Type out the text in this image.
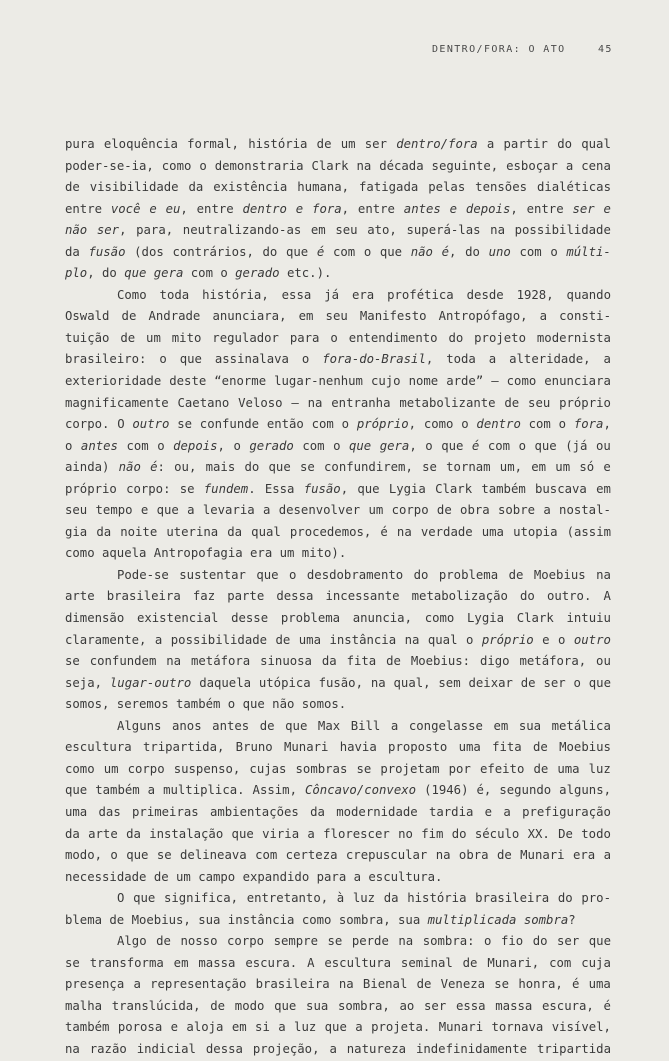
DENTRO/FORA: O ATO	45
pura eloquência formal, história de um ser dentro/fora a partir do qual
poder-se-ia, como o demonstraria Clark na década seguinte, esboçar a cena
de visibilidade da existência humana, fatigada pelas tensões dialéticas
entre você e eu, entre dentro e fora, entre antes e depois, entre ser e
não ser, para, neutralizando-as em seu ato, superá-las na possibilidade
da fusão (dos contrários, do que é com o que não é, do uno com o múlti-
plo, do que gera com o gerado etc.).
Como toda história, essa já era profética desde 1928, quando
Oswald de Andrade anunciara, em seu Manifesto Antropófago, a consti-
tuição de um mito regulador para o entendimento do projeto modernista
brasileiro: o que assinalava o fora-do-Brasil, toda a alteridade, a
exterioridade deste “enorme lugar-nenhum cujo nome arde” – como enunciara
magnificamente Caetano Veloso – na entranha metabolizante de seu próprio
corpo. O outro se confunde então com o próprio, como o dentro com o fora,
o antes com o depois, o gerado com o que gera, o que é com o que (já ou
ainda) não é: ou, mais do que se confundirem, se tornam um, em um só e
próprio corpo: se fundem. Essa fusão, que Lygia Clark também buscava em
seu tempo e que a levaria a desenvolver um corpo de obra sobre a nostal-
gia da noite uterina da qual procedemos, é na verdade uma utopia (assim
como aquela Antropofagia era um mito).
Pode-se sustentar que o desdobramento do problema de Moebius na
arte brasileira faz parte dessa incessante metabolização do outro. A
dimensão existencial desse problema anuncia, como Lygia Clark intuiu
claramente, a possibilidade de uma instância na qual o próprio e o outro
se confundem na metáfora sinuosa da fita de Moebius: digo metáfora, ou
seja, lugar-outro daquela utópica fusão, na qual, sem deixar de ser o que
somos, seremos também o que não somos.
Alguns anos antes de que Max Bill a congelasse em sua metálica
escultura tripartida, Bruno Munari havia proposto uma fita de Moebius
como um corpo suspenso, cujas sombras se projetam por efeito de uma luz
que também a multiplica. Assim, Côncavo/convexo (1946) é, segundo alguns,
uma das primeiras ambientações da modernidade tardia e a prefiguração
da arte da instalação que viria a florescer no fim do século XX. De todo
modo, o que se delineava com certeza crepuscular na obra de Munari era a
necessidade de um campo expandido para a escultura.
O que significa, entretanto, à luz da história brasileira do pro-
blema de Moebius, sua instância como sombra, sua multiplicada sombra?
Algo de nosso corpo sempre se perde na sombra: o fio do ser que
se transforma em massa escura. A escultura seminal de Munari, com cuja
presença a representação brasileira na Bienal de Veneza se honra, é uma
malha translúcida, de modo que sua sombra, ao ser essa massa escura, é
também porosa e aloja em si a luz que a projeta. Munari tornava visível,
na razão indicial dessa projeção, a natureza indefinidamente tripartida
